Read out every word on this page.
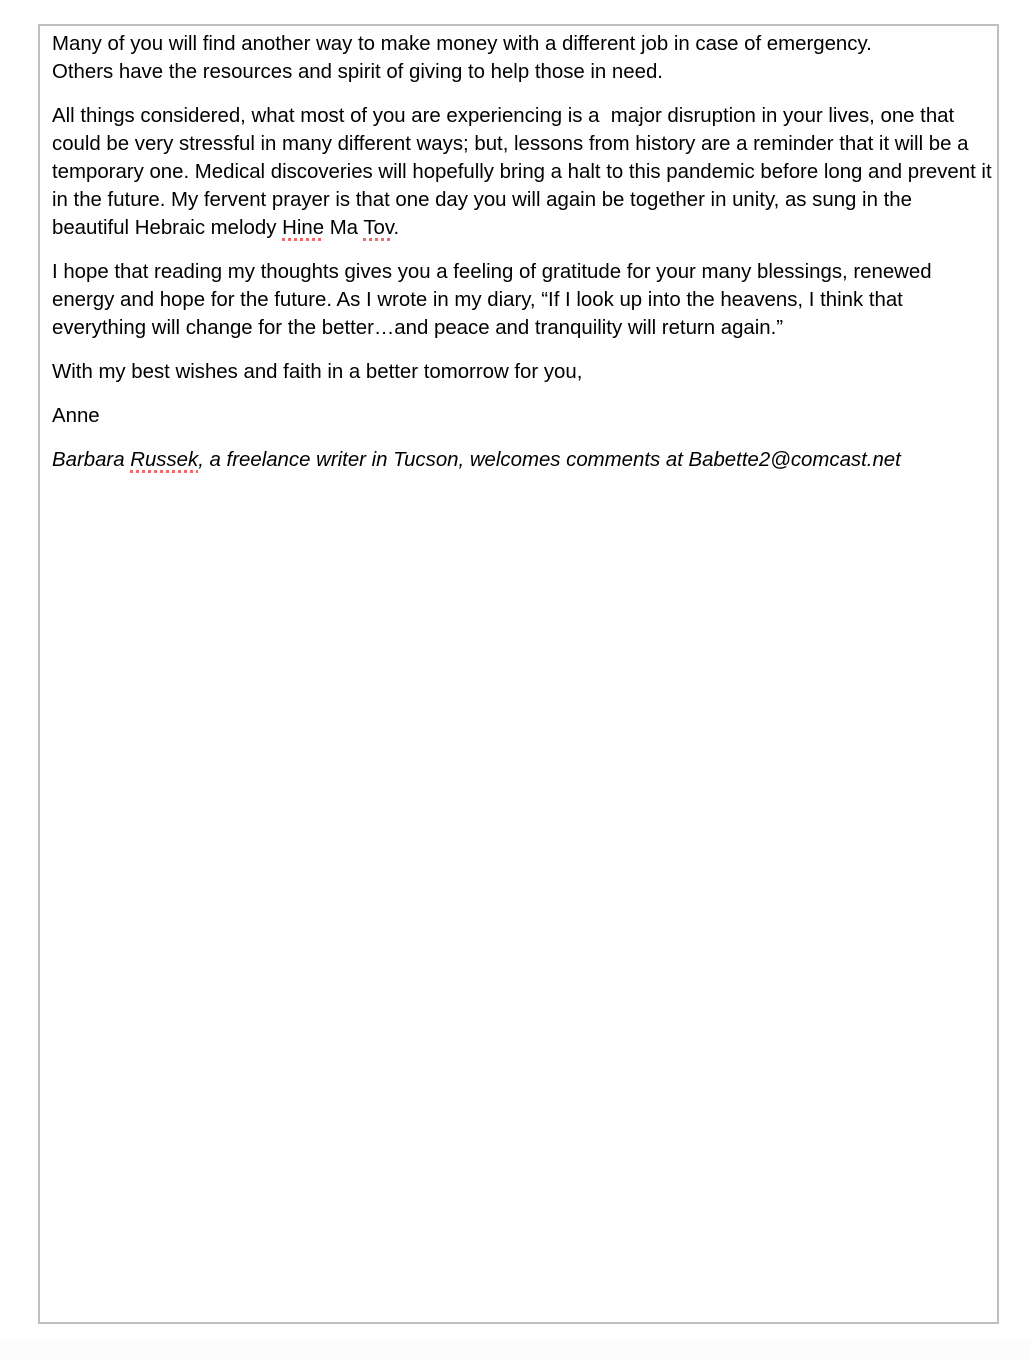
Many of you will find another way to make money with a different job in case of emergency.
Others have the resources and spirit of giving to help those in need.

All things considered, what most of you are experiencing is a  major disruption in your lives, one that could be very stressful in many different ways; but, lessons from history are a reminder that it will be a temporary one. Medical discoveries will hopefully bring a halt to this pandemic before long and prevent it in the future. My fervent prayer is that one day you will again be together in unity, as sung in the beautiful Hebraic melody Hine Ma Tov.

I hope that reading my thoughts gives you a feeling of gratitude for your many blessings, renewed energy and hope for the future. As I wrote in my diary, “If I look up into the heavens, I think that everything will change for the better…and peace and tranquility will return again.”

With my best wishes and faith in a better tomorrow for you,

Anne

Barbara Russek, a freelance writer in Tucson, welcomes comments at Babette2@comcast.net
